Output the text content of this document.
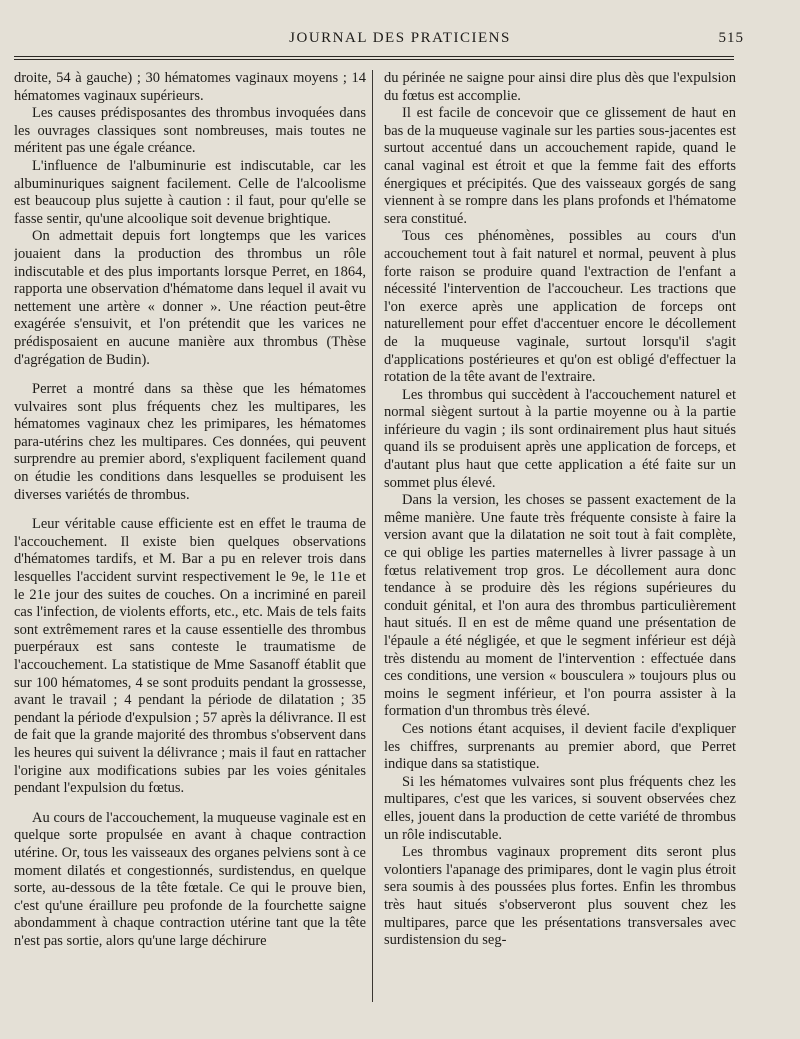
JOURNAL DES PRATICIENS	515

droite, 54 à gauche) ; 30 hématomes vaginaux moyens ; 14 hématomes vaginaux supérieurs.

Les causes prédisposantes des thrombus invoquées dans les ouvrages classiques sont nombreuses, mais toutes ne méritent pas une égale créance.

L'influence de l'albuminurie est indiscutable, car les albuminuriques saignent facilement. Celle de l'alcoolisme est beaucoup plus sujette à caution : il faut, pour qu'elle se fasse sentir, qu'une alcoolique soit devenue brightique.

On admettait depuis fort longtemps que les varices jouaient dans la production des thrombus un rôle indiscutable et des plus importants lorsque Perret, en 1864, rapporta une observation d'hématome dans lequel il avait vu nettement une artère « donner ». Une réaction peut-être exagérée s'ensuivit, et l'on prétendit que les varices ne prédisposaient en aucune manière aux thrombus (Thèse d'agrégation de Budin).

Perret a montré dans sa thèse que les hématomes vulvaires sont plus fréquents chez les multipares, les hématomes vaginaux chez les primipares, les hématomes para-utérins chez les multipares. Ces données, qui peuvent surprendre au premier abord, s'expliquent facilement quand on étudie les conditions dans lesquelles se produisent les diverses variétés de thrombus.

Leur véritable cause efficiente est en effet le trauma de l'accouchement. Il existe bien quelques observations d'hématomes tardifs, et M. Bar a pu en relever trois dans lesquelles l'accident survint respectivement le 9e, le 11e et le 21e jour des suites de couches. On a incriminé en pareil cas l'infection, de violents efforts, etc., etc. Mais de tels faits sont extrêmement rares et la cause essentielle des thrombus puerpéraux est sans conteste le traumatisme de l'accouchement. La statistique de Mme Sasanoff établit que sur 100 hématomes, 4 se sont produits pendant la grossesse, avant le travail ; 4 pendant la période de dilatation ; 35 pendant la période d'expulsion ; 57 après la délivrance. Il est de fait que la grande majorité des thrombus s'observent dans les heures qui suivent la délivrance ; mais il faut en rattacher l'origine aux modifications subies par les voies génitales pendant l'expulsion du fœtus.

Au cours de l'accouchement, la muqueuse vaginale est en quelque sorte propulsée en avant à chaque contraction utérine. Or, tous les vaisseaux des organes pelviens sont à ce moment dilatés et congestionnés, surdistendus, en quelque sorte, au-dessous de la tête fœtale. Ce qui le prouve bien, c'est qu'une éraillure peu profonde de la fourchette saigne abondamment à chaque contraction utérine tant que la tête n'est pas sortie, alors qu'une large déchirure

du périnée ne saigne pour ainsi dire plus dès que l'expulsion du fœtus est accomplie.

Il est facile de concevoir que ce glissement de haut en bas de la muqueuse vaginale sur les parties sous-jacentes est surtout accentué dans un accouchement rapide, quand le canal vaginal est étroit et que la femme fait des efforts énergiques et précipités. Que des vaisseaux gorgés de sang viennent à se rompre dans les plans profonds et l'hématome sera constitué.

Tous ces phénomènes, possibles au cours d'un accouchement tout à fait naturel et normal, peuvent à plus forte raison se produire quand l'extraction de l'enfant a nécessité l'intervention de l'accoucheur. Les tractions que l'on exerce après une application de forceps ont naturellement pour effet d'accentuer encore le décollement de la muqueuse vaginale, surtout lorsqu'il s'agit d'applications postérieures et qu'on est obligé d'effectuer la rotation de la tête avant de l'extraire.

Les thrombus qui succèdent à l'accouchement naturel et normal siègent surtout à la partie moyenne ou à la partie inférieure du vagin ; ils sont ordinairement plus haut situés quand ils se produisent après une application de forceps, et d'autant plus haut que cette application a été faite sur un sommet plus élevé.

Dans la version, les choses se passent exactement de la même manière. Une faute très fréquente consiste à faire la version avant que la dilatation ne soit tout à fait complète, ce qui oblige les parties maternelles à livrer passage à un fœtus relativement trop gros. Le décollement aura donc tendance à se produire dès les régions supérieures du conduit génital, et l'on aura des thrombus particulièrement haut situés. Il en est de même quand une présentation de l'épaule a été négligée, et que le segment inférieur est déjà très distendu au moment de l'intervention : effectuée dans ces conditions, une version « bousculera » toujours plus ou moins le segment inférieur, et l'on pourra assister à la formation d'un thrombus très élevé.

Ces notions étant acquises, il devient facile d'expliquer les chiffres, surprenants au premier abord, que Perret indique dans sa statistique.

Si les hématomes vulvaires sont plus fréquents chez les multipares, c'est que les varices, si souvent observées chez elles, jouent dans la production de cette variété de thrombus un rôle indiscutable.

Les thrombus vaginaux proprement dits seront plus volontiers l'apanage des primipares, dont le vagin plus étroit sera soumis à des poussées plus fortes. Enfin les thrombus très haut situés s'observeront plus souvent chez les multipares, parce que les présentations transversales avec surdistension du seg-
